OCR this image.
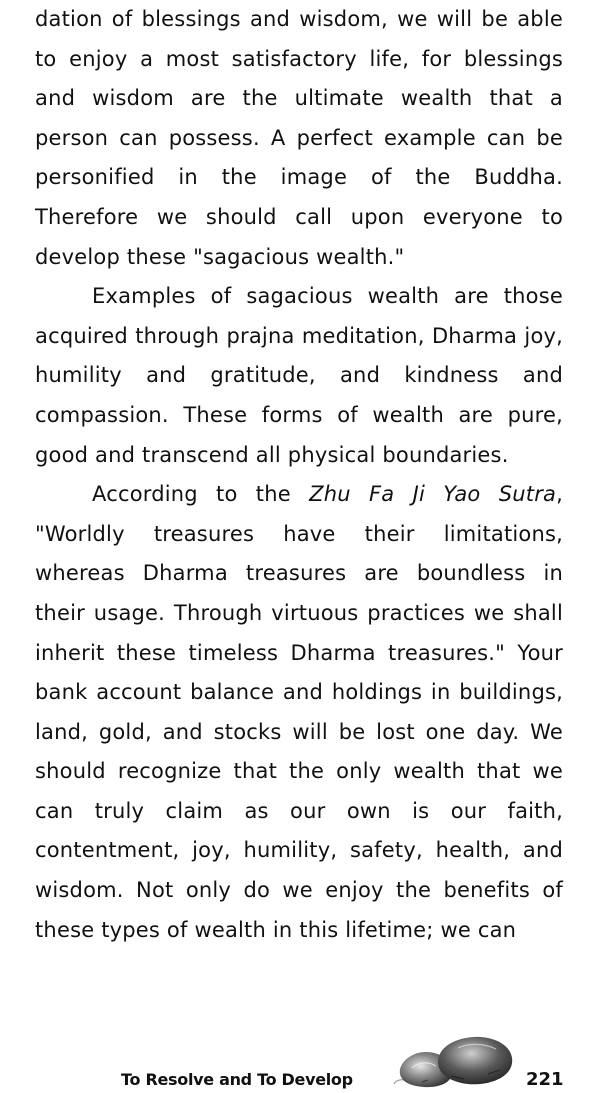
dation of blessings and wisdom, we will be able to enjoy a most satisfactory life, for blessings and wisdom are the ultimate wealth that a person can possess. A perfect example can be personified in the image of the Buddha. Therefore we should call upon everyone to develop these "sagacious wealth."

Examples of sagacious wealth are those acquired through prajna meditation, Dharma joy, humility and gratitude, and kindness and compassion. These forms of wealth are pure, good and transcend all physical boundaries.

According to the Zhu Fa Ji Yao Sutra, "Worldly treasures have their limitations, whereas Dharma treasures are boundless in their usage. Through virtuous practices we shall inherit these timeless Dharma treasures." Your bank account balance and holdings in buildings, land, gold, and stocks will be lost one day. We should recognize that the only wealth that we can truly claim as our own is our faith, contentment, joy, humility, safety, health, and wisdom. Not only do we enjoy the benefits of these types of wealth in this lifetime; we can

To Resolve and To Develop	221
